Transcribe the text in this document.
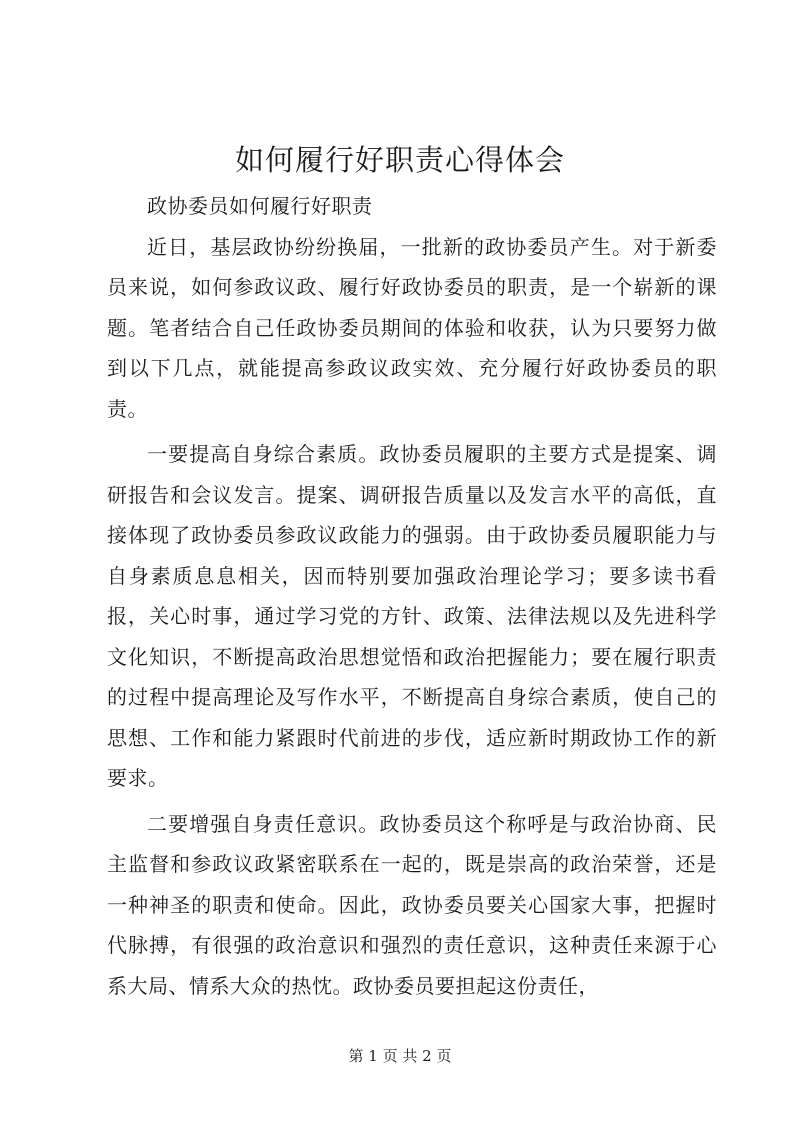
如何履行好职责心得体会

政协委员如何履行好职责

近日，基层政协纷纷换届，一批新的政协委员产生。对于新委员来说，如何参政议政、履行好政协委员的职责，是一个崭新的课题。笔者结合自己任政协委员期间的体验和收获，认为只要努力做到以下几点，就能提高参政议政实效、充分履行好政协委员的职责。

一要提高自身综合素质。政协委员履职的主要方式是提案、调研报告和会议发言。提案、调研报告质量以及发言水平的高低，直接体现了政协委员参政议政能力的强弱。由于政协委员履职能力与自身素质息息相关，因而特别要加强政治理论学习；要多读书看报，关心时事，通过学习党的方针、政策、法律法规以及先进科学文化知识，不断提高政治思想觉悟和政治把握能力；要在履行职责的过程中提高理论及写作水平，不断提高自身综合素质，使自己的思想、工作和能力紧跟时代前进的步伐，适应新时期政协工作的新要求。

二要增强自身责任意识。政协委员这个称呼是与政治协商、民主监督和参政议政紧密联系在一起的，既是崇高的政治荣誉，还是一种神圣的职责和使命。因此，政协委员要关心国家大事，把握时代脉搏，有很强的政治意识和强烈的责任意识，这种责任来源于心系大局、情系大众的热忱。政协委员要担起这份责任，

第 1 页 共 2 页
